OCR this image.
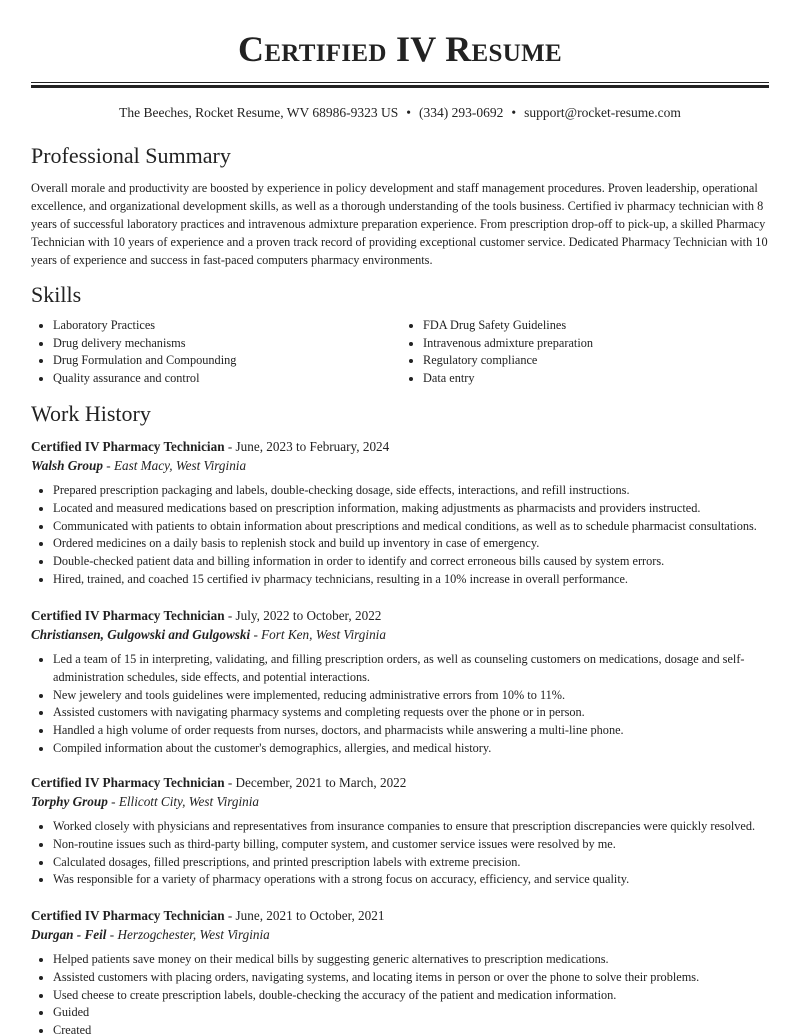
Certified IV Resume
The Beeches, Rocket Resume, WV 68986-9323 US • (334) 293-0692 • support@rocket-resume.com
Professional Summary

Overall morale and productivity are boosted by experience in policy development and staff management procedures. Proven leadership, operational excellence, and organizational development skills, as well as a thorough understanding of the tools business. Certified iv pharmacy technician with 8 years of successful laboratory practices and intravenous admixture preparation experience. From prescription drop-off to pick-up, a skilled Pharmacy Technician with 10 years of experience and a proven track record of providing exceptional customer service. Dedicated Pharmacy Technician with 10 years of experience and success in fast-paced computers pharmacy environments.

Skills
• Laboratory Practices
• Drug delivery mechanisms
• Drug Formulation and Compounding
• Quality assurance and control
• FDA Drug Safety Guidelines
• Intravenous admixture preparation
• Regulatory compliance
• Data entry
Work History
Certified IV Pharmacy Technician - June, 2023 to February, 2024
Walsh Group - East Macy, West Virginia
• Prepared prescription packaging and labels, double-checking dosage, side effects, interactions, and refill instructions.
• Located and measured medications based on prescription information, making adjustments as pharmacists and providers instructed.
• Communicated with patients to obtain information about prescriptions and medical conditions, as well as to schedule pharmacist consultations.
• Ordered medicines on a daily basis to replenish stock and build up inventory in case of emergency.
• Double-checked patient data and billing information in order to identify and correct erroneous bills caused by system errors.
• Hired, trained, and coached 15 certified iv pharmacy technicians, resulting in a 10% increase in overall performance.
Certified IV Pharmacy Technician - July, 2022 to October, 2022
Christiansen, Gulgowski and Gulgowski - Fort Ken, West Virginia
• Led a team of 15 in interpreting, validating, and filling prescription orders, as well as counseling customers on medications, dosage and self-administration schedules, side effects, and potential interactions.
• New jewelery and tools guidelines were implemented, reducing administrative errors from 10% to 11%.
• Assisted customers with navigating pharmacy systems and completing requests over the phone or in person.
• Handled a high volume of order requests from nurses, doctors, and pharmacists while answering a multi-line phone.
• Compiled information about the customer's demographics, allergies, and medical history.
Certified IV Pharmacy Technician - December, 2021 to March, 2022
Torphy Group - Ellicott City, West Virginia
• Worked closely with physicians and representatives from insurance companies to ensure that prescription discrepancies were quickly resolved.
• Non-routine issues such as third-party billing, computer system, and customer service issues were resolved by me.
• Calculated dosages, filled prescriptions, and printed prescription labels with extreme precision.
• Was responsible for a variety of pharmacy operations with a strong focus on accuracy, efficiency, and service quality.
Certified IV Pharmacy Technician - June, 2021 to October, 2021
Durgan - Feil - Herzogchester, West Virginia
• Helped patients save money on their medical bills by suggesting generic alternatives to prescription medications.
• Assisted customers with placing orders, navigating systems, and locating items in person or over the phone to solve their problems.
• Used cheese to create prescription labels, double-checking the accuracy of the patient and medication information.
• Guided
• Created
